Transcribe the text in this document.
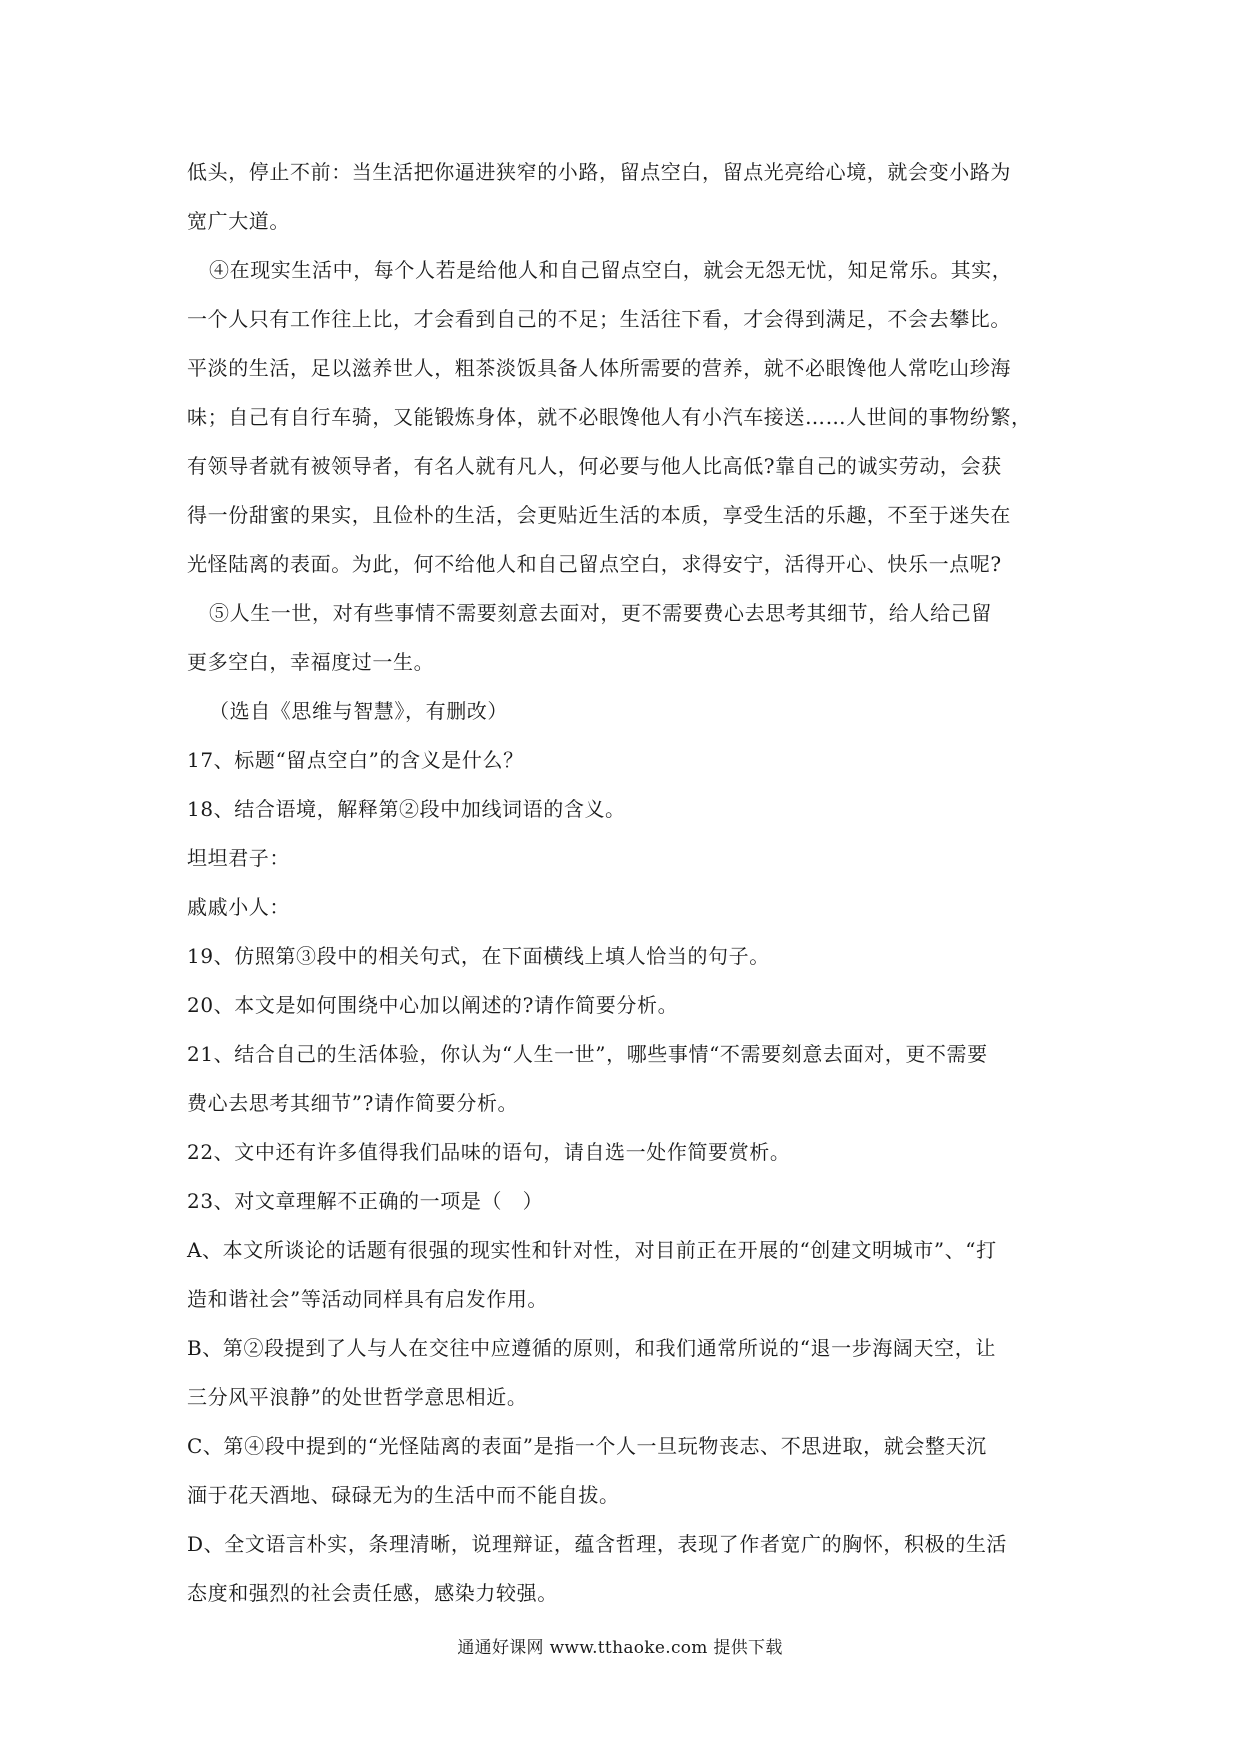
低头，停止不前：当生活把你逼进狭窄的小路，留点空白，留点光亮给心境，就会变小路为
宽广大道。
④在现实生活中，每个人若是给他人和自己留点空白，就会无怨无忧，知足常乐。其实，
一个人只有工作往上比，才会看到自己的不足；生活往下看，才会得到满足，不会去攀比。
平淡的生活，足以滋养世人，粗茶淡饭具备人体所需要的营养，就不必眼馋他人常吃山珍海
味；自己有自行车骑，又能锻炼身体，就不必眼馋他人有小汽车接送……人世间的事物纷繁，
有领导者就有被领导者，有名人就有凡人，何必要与他人比高低?靠自己的诚实劳动，会获
得一份甜蜜的果实，且俭朴的生活，会更贴近生活的本质，享受生活的乐趣，不至于迷失在
光怪陆离的表面。为此，何不给他人和自己留点空白，求得安宁，活得开心、快乐一点呢?
⑤人生一世，对有些事情不需要刻意去面对，更不需要费心去思考其细节，给人给己留
更多空白，幸福度过一生。
（选自《思维与智慧》，有删改）
17、标题“留点空白”的含义是什么？
18、结合语境，解释第②段中加线词语的含义。
坦坦君子：
戚戚小人：
19、仿照第③段中的相关句式，在下面横线上填人恰当的句子。
20、本文是如何围绕中心加以阐述的?请作简要分析。
21、结合自己的生活体验，你认为“人生一世”，哪些事情“不需要刻意去面对，更不需要
费心去思考其细节”?请作简要分析。
22、文中还有许多值得我们品味的语句，请自选一处作简要赏析。
23、对文章理解不正确的一项是（　）
A、本文所谈论的话题有很强的现实性和针对性，对目前正在开展的“创建文明城市”、“打
造和谐社会”等活动同样具有启发作用。
B、第②段提到了人与人在交往中应遵循的原则，和我们通常所说的“退一步海阔天空，让
三分风平浪静”的处世哲学意思相近。
C、第④段中提到的“光怪陆离的表面”是指一个人一旦玩物丧志、不思进取，就会整天沉
湎于花天酒地、碌碌无为的生活中而不能自拔。
D、全文语言朴实，条理清晰，说理辩证，蕴含哲理，表现了作者宽广的胸怀，积极的生活
态度和强烈的社会责任感，感染力较强。
通通好课网 www.tthaoke.com 提供下载
